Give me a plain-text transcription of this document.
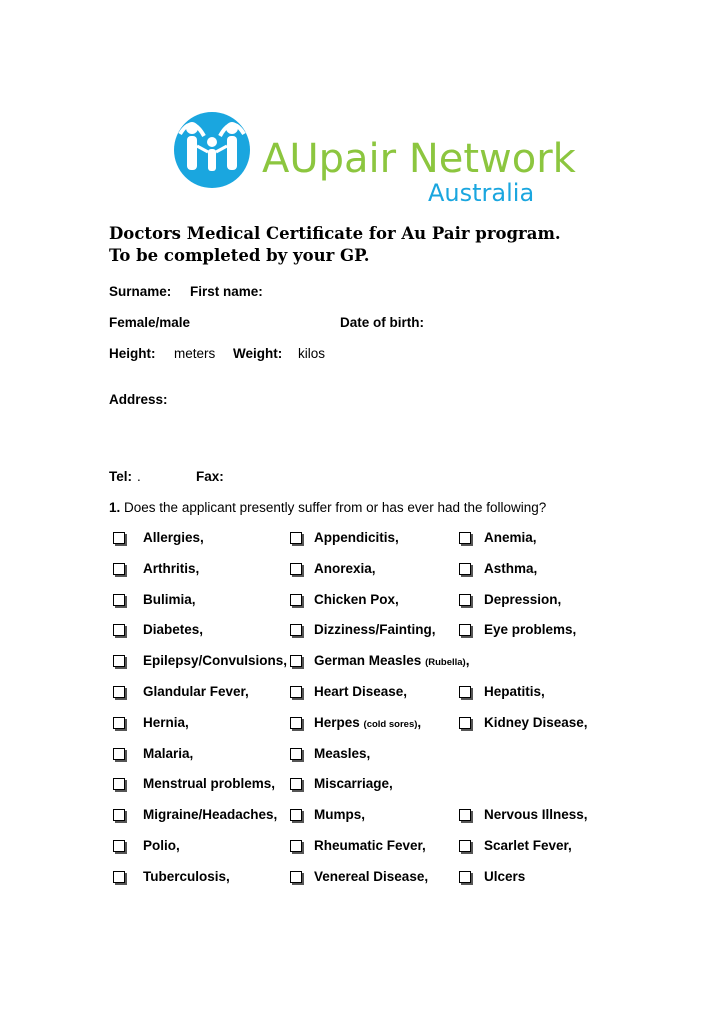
AUpair Network
Australia
Doctors Medical Certificate for Au Pair program.
To be completed by your GP.
Surname: First name:
Female/male	Date of birth:
Height: meters Weight: kilos
Address:
Tel: .	Fax:
1. Does the applicant presently suffer from or has ever had the following?
Allergies,	Appendicitis,	Anemia,
Arthritis,	Anorexia,	Asthma,
Bulimia,	Chicken Pox,	Depression,
Diabetes,	Dizziness/Fainting,	Eye problems,
Epilepsy/Convulsions, German Measles (Rubella),
Glandular Fever,	Heart Disease,	Hepatitis,
Hernia,	Herpes (cold sores),	Kidney Disease,
Malaria,	Measles,
Menstrual problems,	Miscarriage,
Migraine/Headaches,	Mumps,	Nervous Illness,
Polio,	Rheumatic Fever,	Scarlet Fever,
Tuberculosis,	Venereal Disease,	Ulcers
